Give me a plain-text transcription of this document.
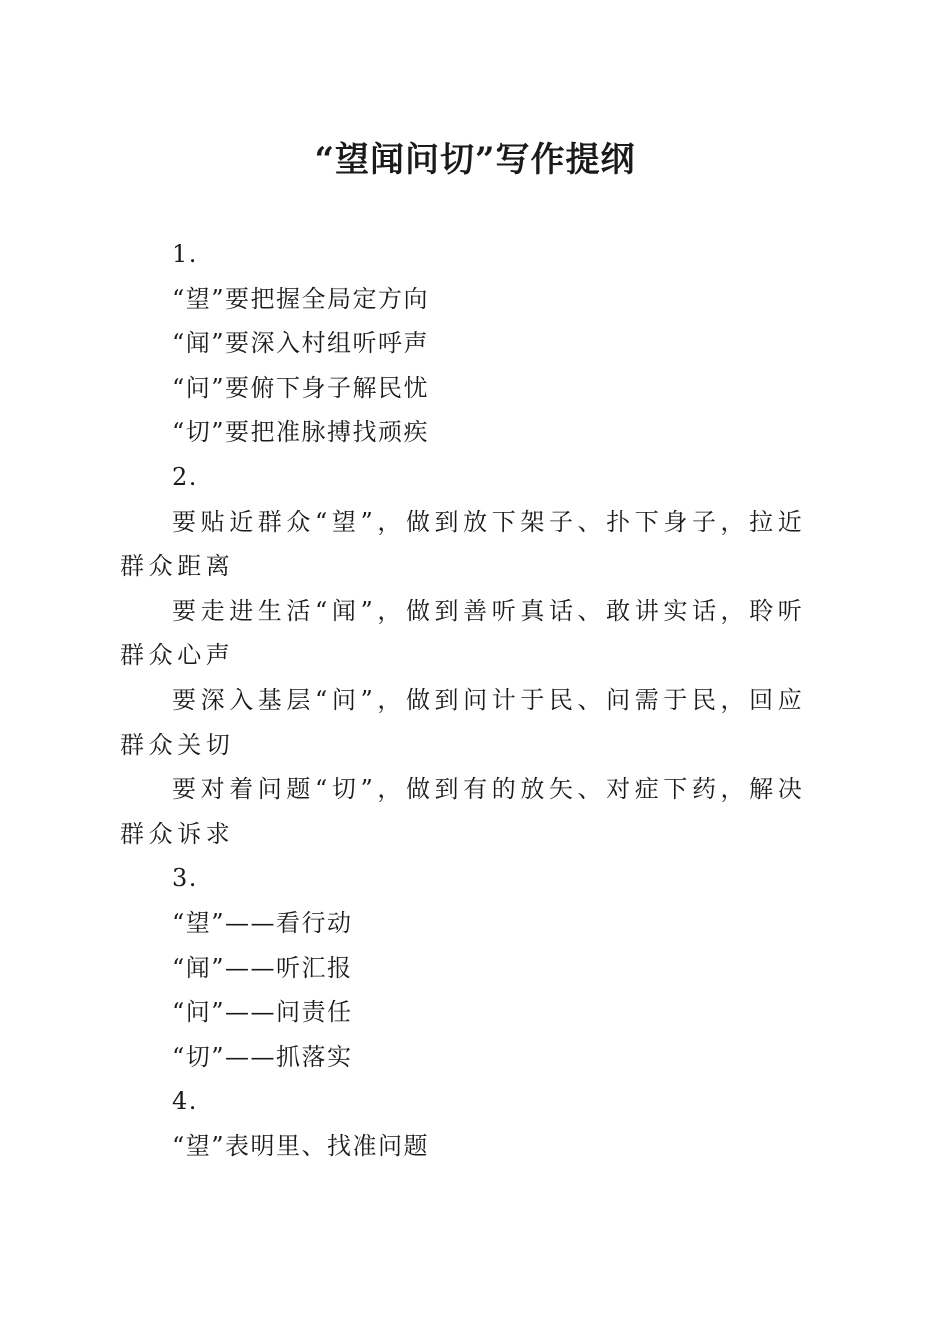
“望闻问切”写作提纲
1.
“望”要把握全局定方向
“闻”要深入村组听呼声
“问”要俯下身子解民忧
“切”要把准脉搏找顽疾
2.
要贴近群众“望”，做到放下架子、扑下身子，拉近群众距离
要走进生活“闻”，做到善听真话、敢讲实话，聆听群众心声
要深入基层“问”，做到问计于民、问需于民，回应群众关切
要对着问题“切”，做到有的放矢、对症下药，解决群众诉求
3.
“望”——看行动
“闻”——听汇报
“问”——问责任
“切”——抓落实
4.
“望”表明里、找准问题
